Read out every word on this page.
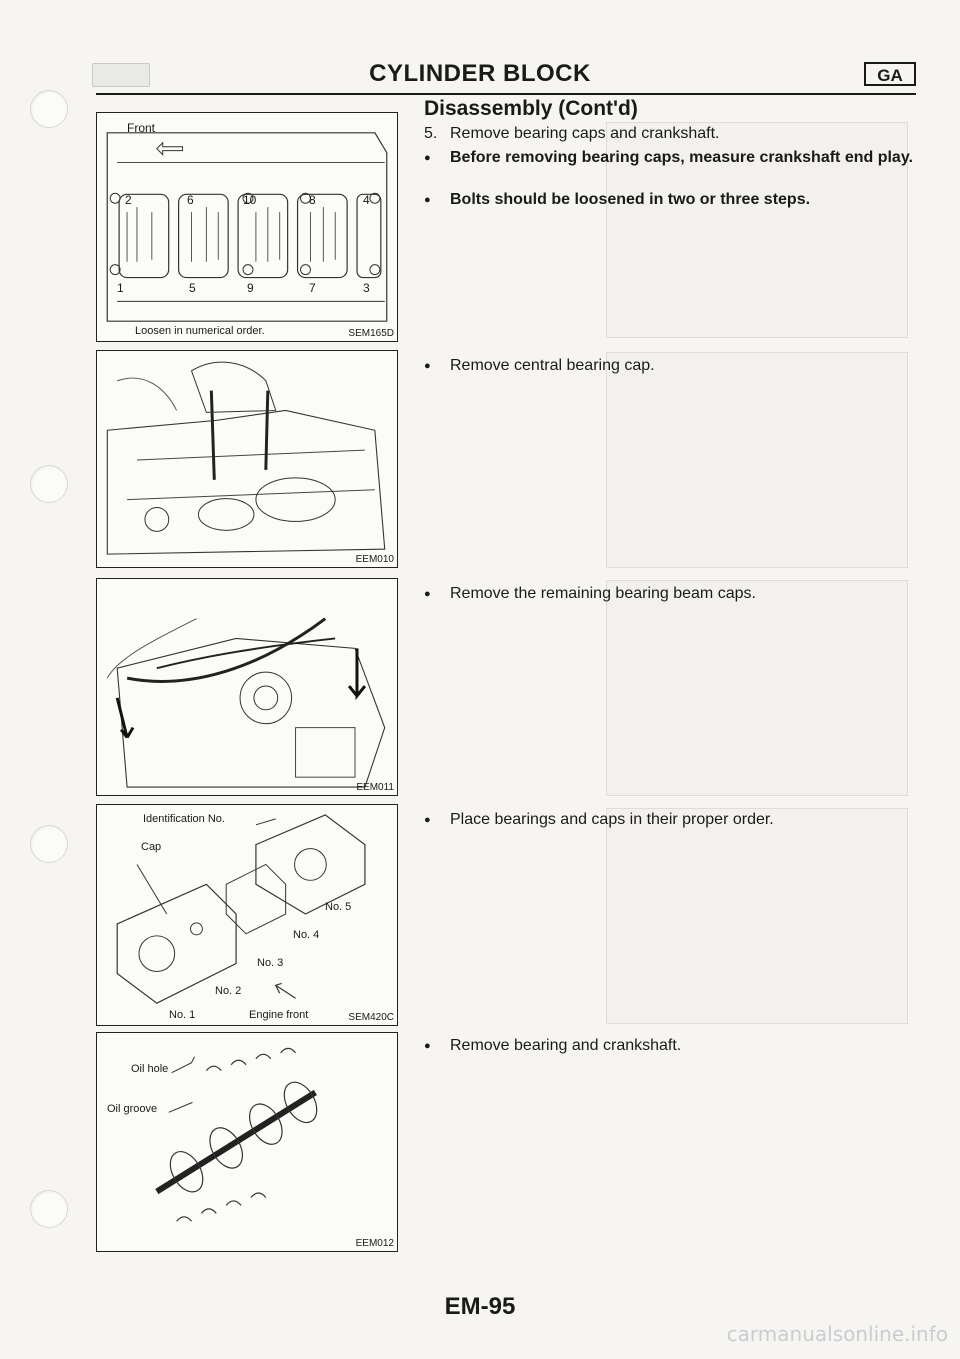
CYLINDER BLOCK	GA
Disassembly (Cont'd)
Front
2	6	10	8	4
1	5	9	7	3
Loosen in numerical order.	SEM165D
EEM010
EEM011
Identification No.
Cap
No. 5
No. 4
No. 3
No. 2
No. 1	Engine front	SEM420C
Oil hole
Oil groove
EEM012
5. Remove bearing caps and crankshaft.
● Before removing bearing caps, measure crankshaft end play.
● Bolts should be loosened in two or three steps.
● Remove central bearing cap.
● Remove the remaining bearing beam caps.
● Place bearings and caps in their proper order.
● Remove bearing and crankshaft.
EM-95
carmanualsonline.info
